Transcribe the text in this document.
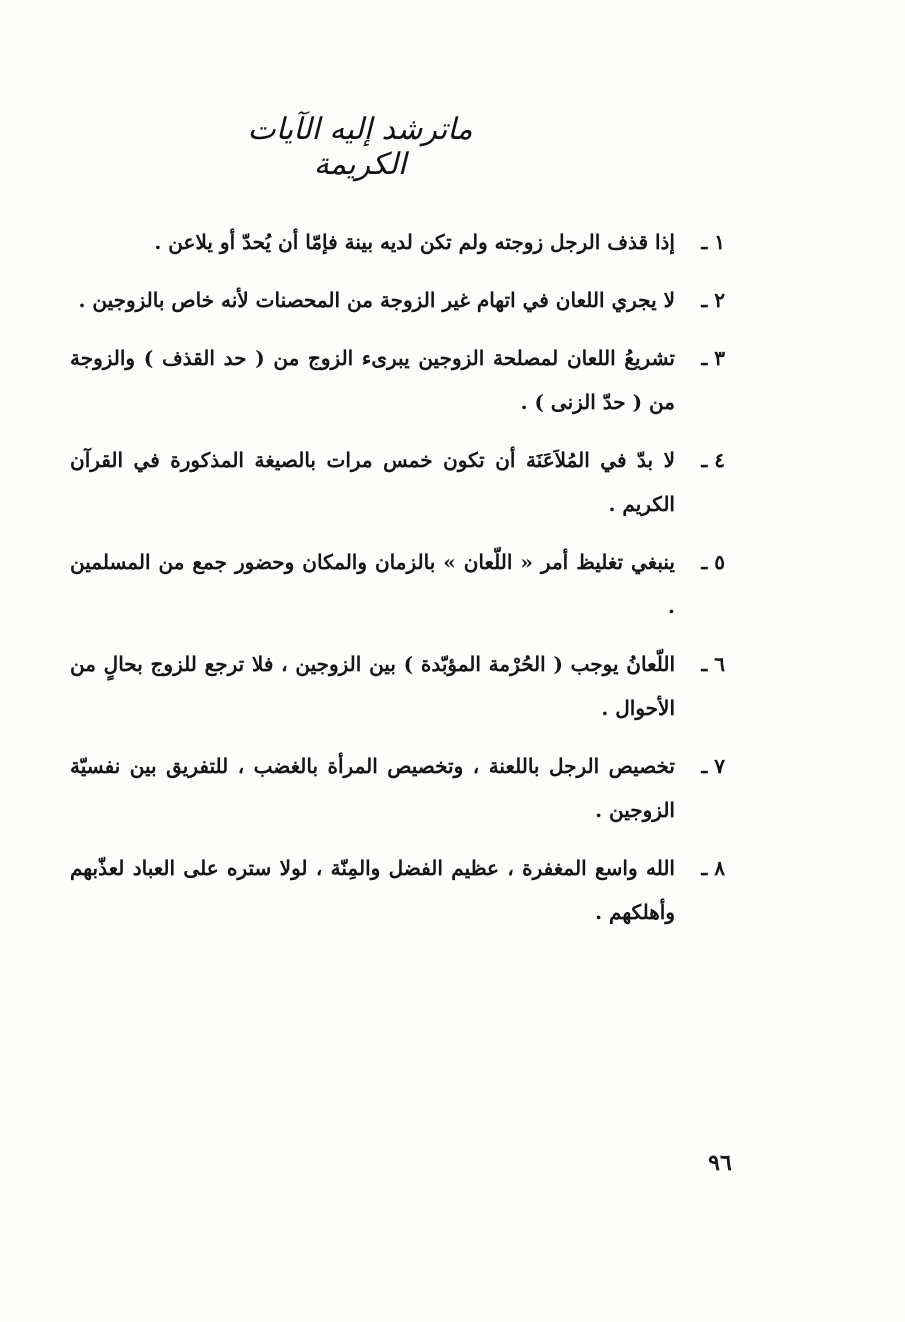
ماترشد إليه الآيات الكريمة
١ ـ
إذا قذف الرجل زوجته ولم تكن لديه بينة فإمّا أن يُحدّ أو يلاعن .
٢ ـ
لا يجري اللعان في اتهام غير الزوجة من المحصنات لأنه خاص بالزوجين .
٣ ـ
تشريعُ اللعان لمصلحة الزوجين يبرىء الزوج من ( حد القذف ) والزوجة من ( حدّ الزنى ) .
٤ ـ
لا بدّ في المُلاَعَنَة أن تكون خمس مرات بالصيغة المذكورة في القرآن الكريم .
٥ ـ
ينبغي تغليظ أمر « اللّعان » بالزمان والمكان وحضور جمع من المسلمين .
٦ ـ
اللّعانُ يوجب ( الحُرْمة المؤبّدة ) بين الزوجين ، فلا ترجع للزوج بحالٍ من الأحوال .
٧ ـ
تخصيص الرجل باللعنة ، وتخصيص المرأة بالغضب ، للتفريق بين نفسيّة الزوجين .
٨ ـ
الله واسع المغفرة ، عظيم الفضل والمِنّة ، لولا ستره على العباد لعذّبهم وأهلكهم .
٩٦
